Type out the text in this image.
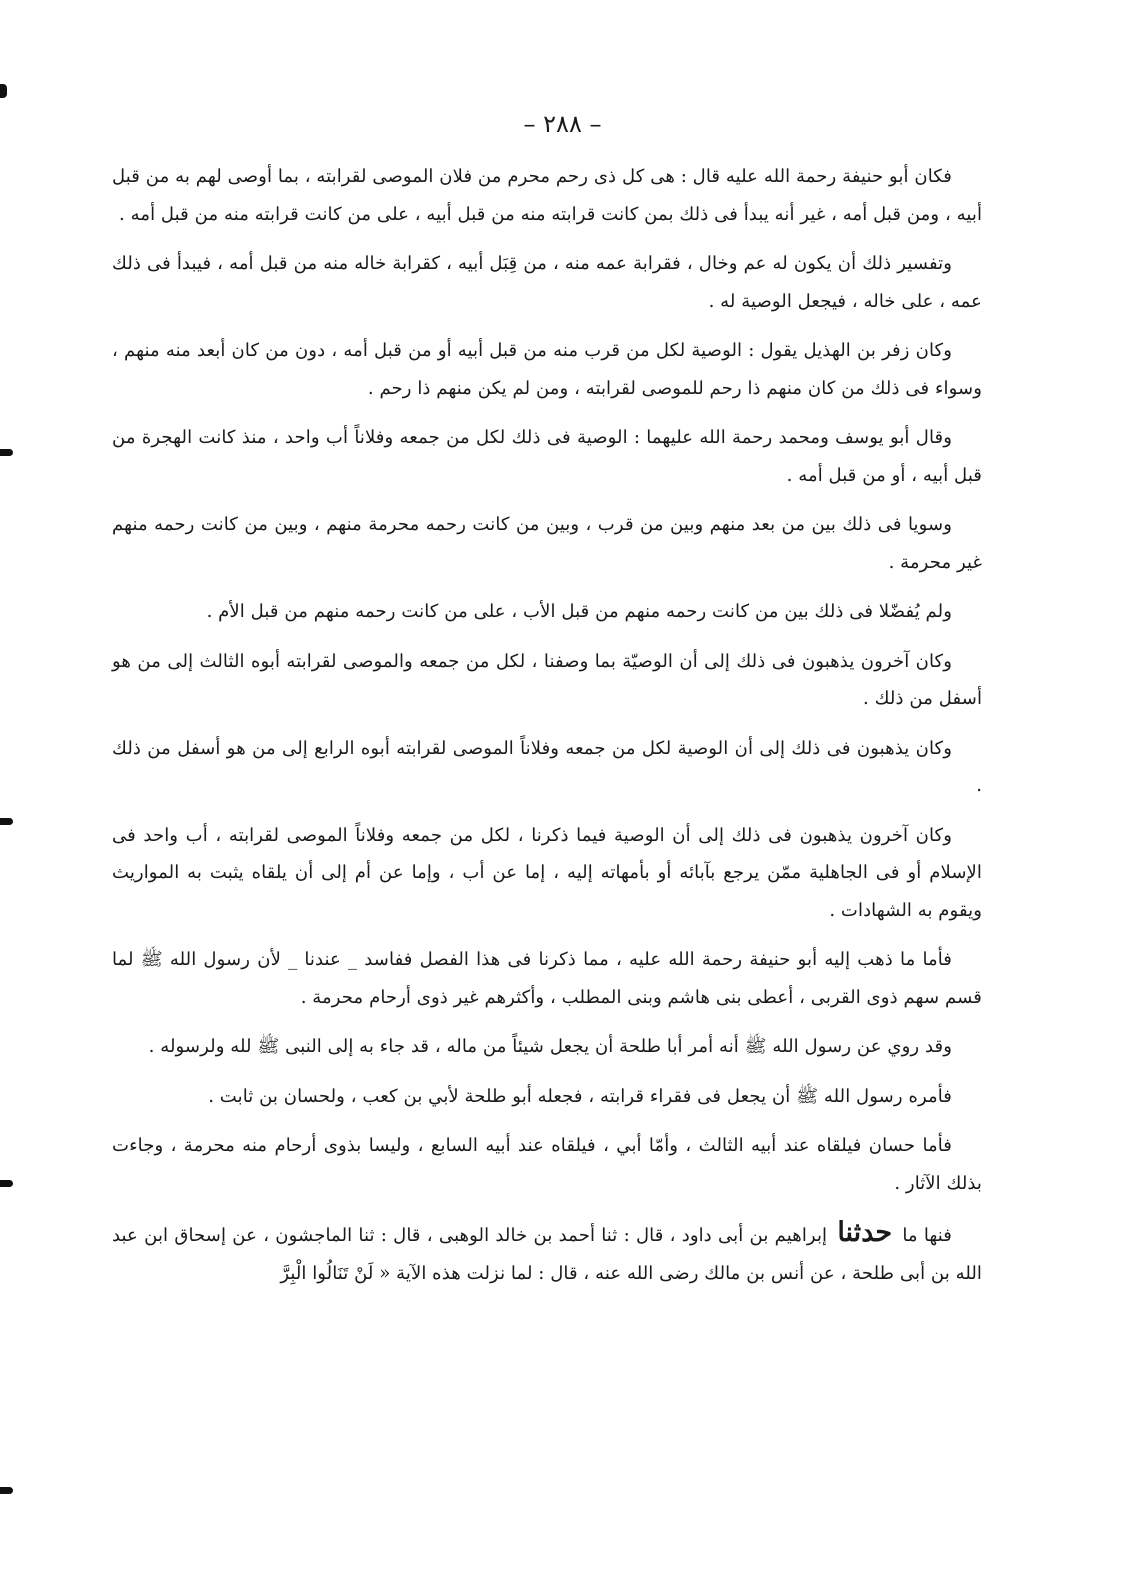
– ٢٨٨ –

فكان أبو حنيفة رحمة الله عليه قال : هى كل ذى رحم محرم من فلان الموصى لقرابته ، بما أوصى لهم به من قبل أبيه ، ومن قبل أمه ، غير أنه يبدأ فى ذلك بمن كانت قرابته منه من قبل أبيه ، على من كانت قرابته منه من قبل أمه .

وتفسير ذلك أن يكون له عم وخال ، فقرابة عمه منه ، من قِبَل أبيه ، كقرابة خاله منه من قبل أمه ، فيبدأ فى ذلك عمه ، على خاله ، فيجعل الوصية له .

وكان زفر بن الهذيل يقول : الوصية لكل من قرب منه من قبل أبيه أو من قبل أمه ، دون من كان أبعد منه منهم ، وسواء فى ذلك من كان منهم ذا رحم للموصى لقرابته ، ومن لم يكن منهم ذا رحم .

وقال أبو يوسف ومحمد رحمة الله عليهما : الوصية فى ذلك لكل من جمعه وفلاناً أب واحد ، منذ كانت الهجرة من قبل أبيه ، أو من قبل أمه .

وسويا فى ذلك بين من بعد منهم وبين من قرب ، وبين من كانت رحمه محرمة منهم ، وبين من كانت رحمه منهم غير محرمة .

ولم يُفضّلا فى ذلك بين من كانت رحمه منهم من قبل الأب ، على من كانت رحمه منهم من قبل الأم .

وكان آخرون يذهبون فى ذلك إلى أن الوصيّة بما وصفنا ، لكل من جمعه والموصى لقرابته أبوه الثالث إلى من هو أسفل من ذلك .

وكان يذهبون فى ذلك إلى أن الوصية لكل من جمعه وفلاناً الموصى لقرابته أبوه الرابع إلى من هو أسفل من ذلك .

وكان آخرون يذهبون فى ذلك إلى أن الوصية فيما ذكرنا ، لكل من جمعه وفلاناً الموصى لقرابته ، أب واحد فى الإسلام أو فى الجاهلية ممّن يرجع بآبائه أو بأمهاته إليه ، إما عن أب ، وإما عن أم إلى أن يلقاه يثبت به المواريث ويقوم به الشهادات .

فأما ما ذهب إليه أبو حنيفة رحمة الله عليه ، مما ذكرنا فى هذا الفصل ففاسد _ عندنا _ لأن رسول الله ﷺ لما قسم سهم ذوى القربى ، أعطى بنى هاشم وبنى المطلب ، وأكثرهم غير ذوى أرحام محرمة .

وقد روي عن رسول الله ﷺ أنه أمر أبا طلحة أن يجعل شيئاً من ماله ، قد جاء به إلى النبى ﷺ لله ولرسوله .

فأمره رسول الله ﷺ أن يجعل فى فقراء قرابته ، فجعله أبو طلحة لأبي بن كعب ، ولحسان بن ثابت .

فأما حسان فيلقاه عند أبيه الثالث ، وأمّا أبي ، فيلقاه عند أبيه السابع ، وليسا بذوى أرحام منه محرمة ، وجاءت بذلك الآثار .

فنها ما حدثنا إبراهيم بن أبى داود ، قال : ثنا أحمد بن خالد الوهبى ، قال : ثنا الماجشون ، عن إسحاق ابن عبد الله بن أبى طلحة ، عن أنس بن مالك رضى الله عنه ، قال : لما نزلت هذه الآية « لَنْ تَنَالُوا الْبِرَّ
